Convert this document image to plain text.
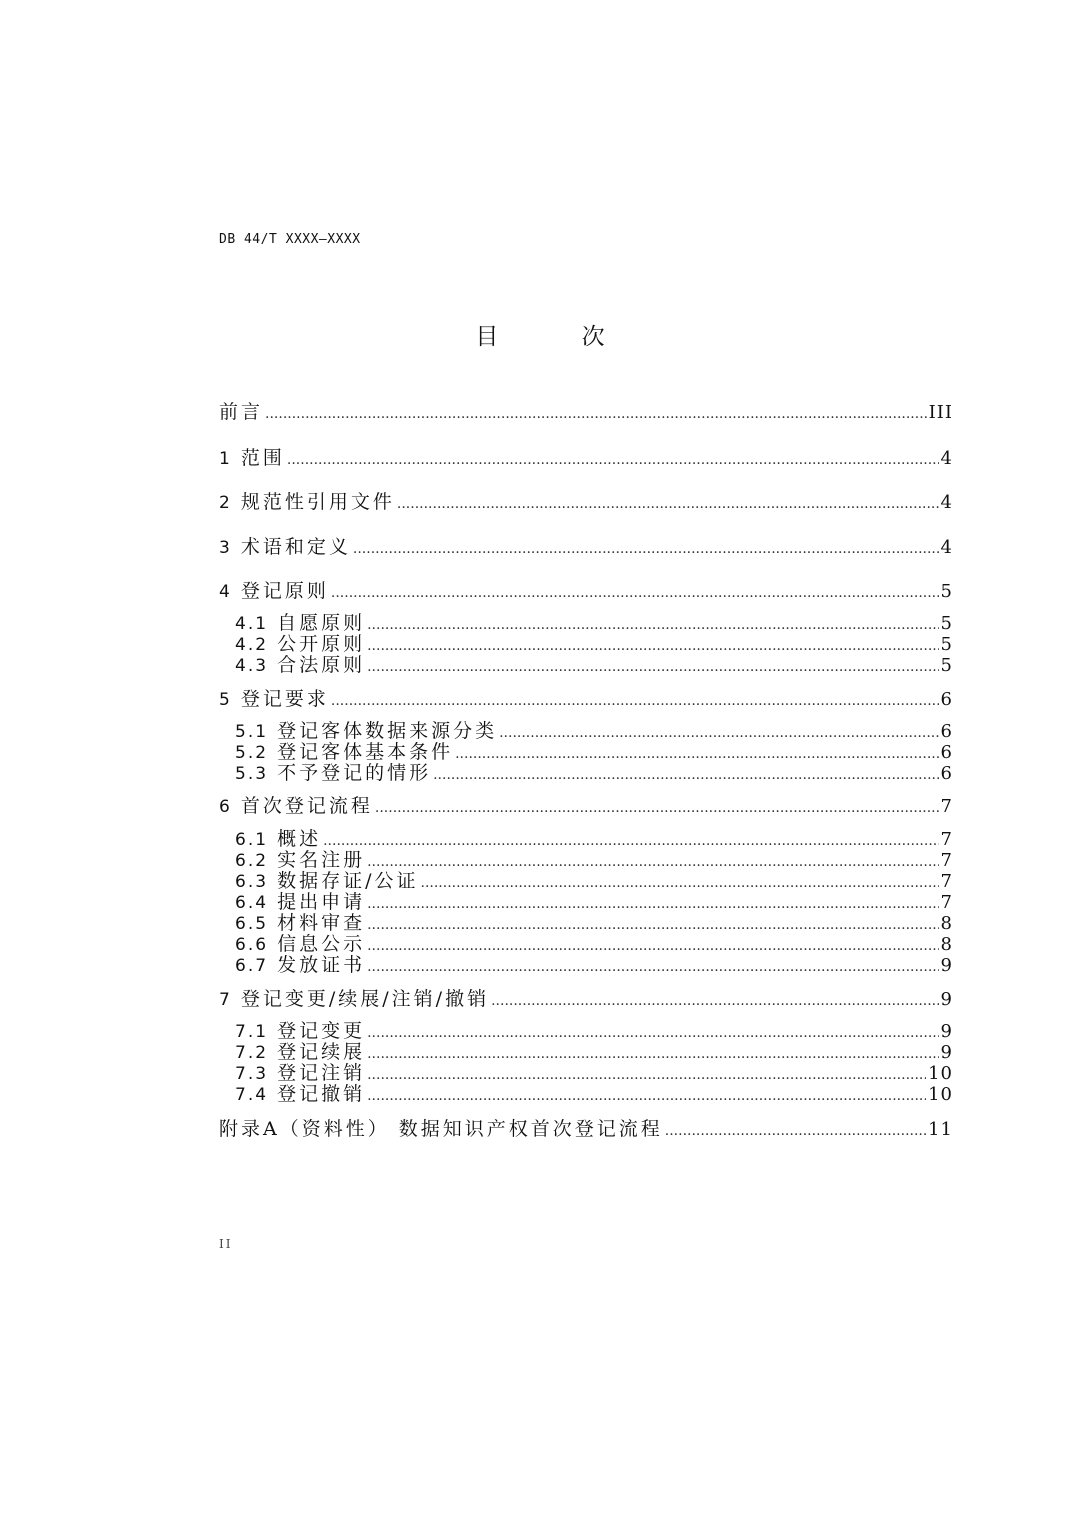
DB 44/T XXXX—XXXX
目 次
前言 .....	III
1 范围 .....	4
2 规范性引用文件 .....	4
3 术语和定义 .....	4
4 登记原则 .....	5
4.1 自愿原则 .....	5
4.2 公开原则 .....	5
4.3 合法原则 .....	5
5 登记要求 .....	6
5.1 登记客体数据来源分类 .....	6
5.2 登记客体基本条件 .....	6
5.3 不予登记的情形 .....	6
6 首次登记流程 .....	7
6.1 概述 .....	7
6.2 实名注册 .....	7
6.3 数据存证/公证 .....	7
6.4 提出申请 .....	7
6.5 材料审查 .....	8
6.6 信息公示 .....	8
6.7 发放证书 .....	9
7 登记变更/续展/注销/撤销 .....	9
7.1 登记变更 .....	9
7.2 登记续展 .....	9
7.3 登记注销 .....	10
7.4 登记撤销 .....	10
附录A（资料性） 数据知识产权首次登记流程 .....	11
II
